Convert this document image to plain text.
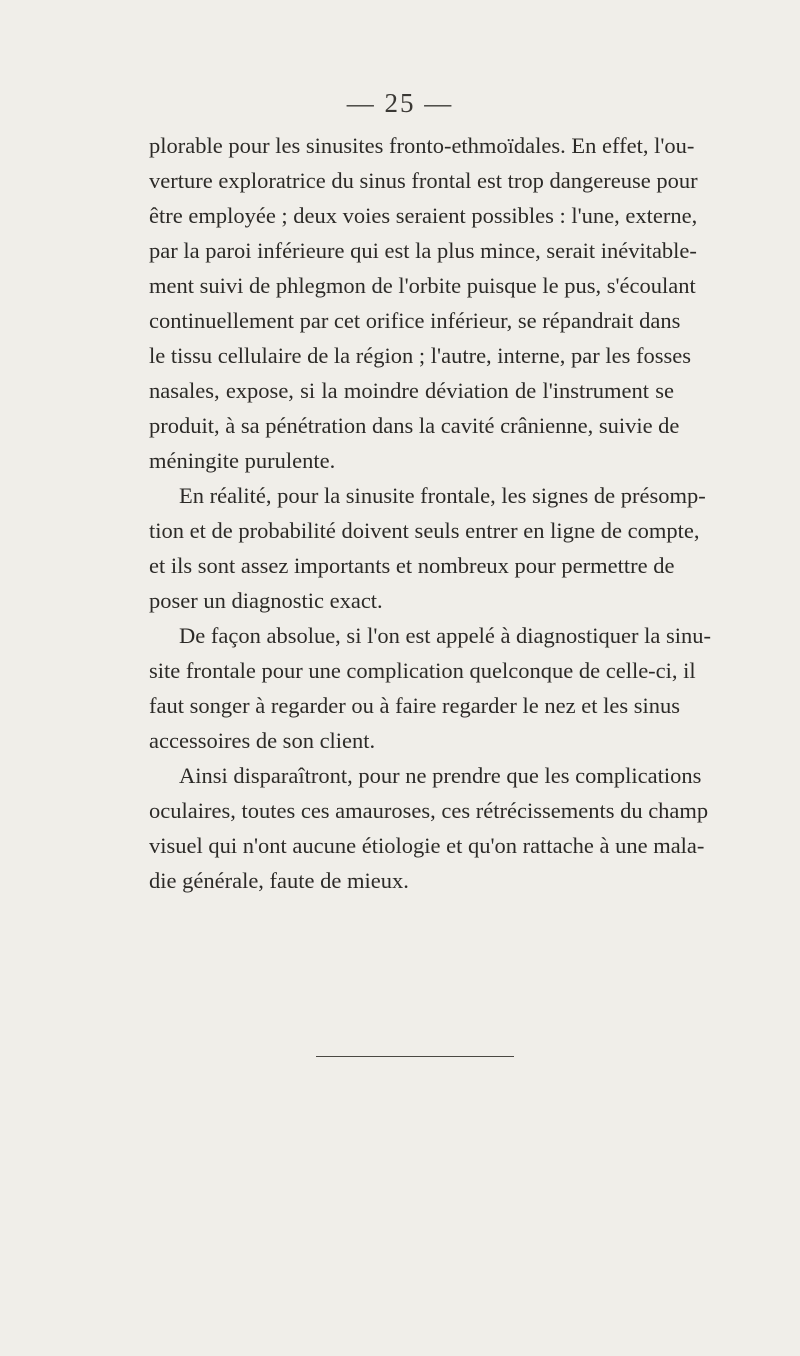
— 25 —
plorable pour les sinusites fronto-ethmoïdales. En effet, l'ou-
verture exploratrice du sinus frontal est trop dangereuse pour
être employée ; deux voies seraient possibles : l'une, externe,
par la paroi inférieure qui est la plus mince, serait inévitable-
ment suivi de phlegmon de l'orbite puisque le pus, s'écoulant
continuellement par cet orifice inférieur, se répandrait dans
le tissu cellulaire de la région ; l'autre, interne, par les fosses
nasales, expose, si la moindre déviation de l'instrument se
produit, à sa pénétration dans la cavité crânienne, suivie de
méningite purulente.
En réalité, pour la sinusite frontale, les signes de présomp-
tion et de probabilité doivent seuls entrer en ligne de compte,
et ils sont assez importants et nombreux pour permettre de
poser un diagnostic exact.
De façon absolue, si l'on est appelé à diagnostiquer la sinu-
site frontale pour une complication quelconque de celle-ci, il
faut songer à regarder ou à faire regarder le nez et les sinus
accessoires de son client.
Ainsi disparaîtront, pour ne prendre que les complications
oculaires, toutes ces amauroses, ces rétrécissements du champ
visuel qui n'ont aucune étiologie et qu'on rattache à une mala-
die générale, faute de mieux.
